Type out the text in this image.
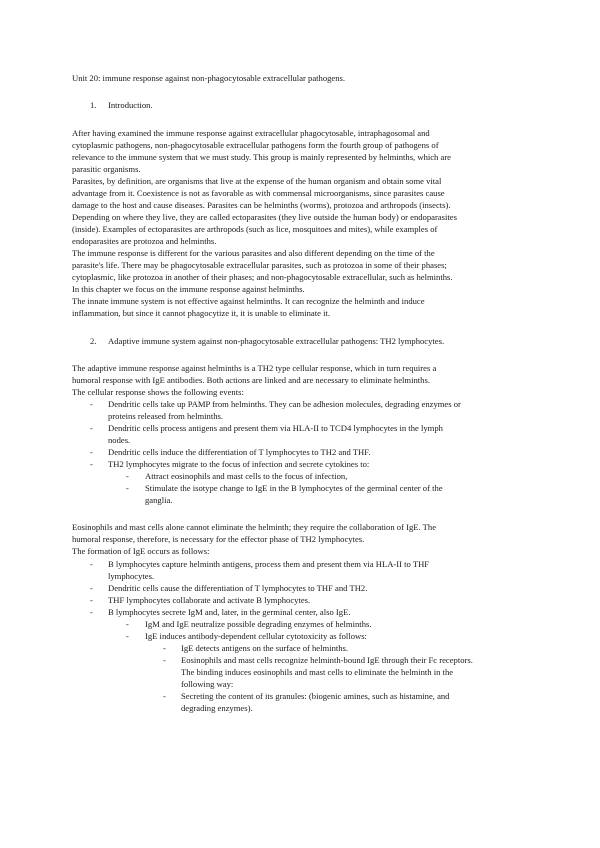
Unit 20: immune response against non-phagocytosable extracellular pathogens.
1. Introduction.
After having examined the immune response against extracellular phagocytosable, intraphagosomal and
cytoplasmic pathogens, non-phagocytosable extracellular pathogens form the fourth group of pathogens of
relevance to the immune system that we must study. This group is mainly represented by helminths, which are
parasitic organisms.
Parasites, by definition, are organisms that live at the expense of the human organism and obtain some vital
advantage from it. Coexistence is not as favorable as with commensal microorganisms, since parasites cause
damage to the host and cause diseases. Parasites can be helminths (worms), protozoa and arthropods (insects).
Depending on where they live, they are called ectoparasites (they live outside the human body) or endoparasites
(inside). Examples of ectoparasites are arthropods (such as lice, mosquitoes and mites), while examples of
endoparasites are protozoa and helminths.
The immune response is different for the various parasites and also different depending on the time of the
parasite's life. There may be phagocytosable extracellular parasites, such as protozoa in some of their phases;
cytoplasmic, like protozoa in another of their phases; and non-phagocytosable extracellular, such as helminths.
In this chapter we focus on the immune response against helminths.
The innate immune system is not effective against helminths. It can recognize the helminth and induce
inflammation, but since it cannot phagocytize it, it is unable to eliminate it.
2. Adaptive immune system against non-phagocytosable extracellular pathogens: TH2 lymphocytes.
The adaptive immune response against helminths is a TH2 type cellular response, which in turn requires a
humoral response with IgE antibodies. Both actions are linked and are necessary to eliminate helminths.
The cellular response shows the following events:
- Dendritic cells take up PAMP from helminths. They can be adhesion molecules, degrading enzymes or
proteins released from helminths.
- Dendritic cells process antigens and present them via HLA-II to TCD4 lymphocytes in the lymph
nodes.
- Dendritic cells induce the differentiation of T lymphocytes to TH2 and THF.
- TH2 lymphocytes migrate to the focus of infection and secrete cytokines to:
- Attract eosinophils and mast cells to the focus of infection,
- Stimulate the isotype change to IgE in the B lymphocytes of the germinal center of the
ganglia.
Eosinophils and mast cells alone cannot eliminate the helminth; they require the collaboration of IgE. The
humoral response, therefore, is necessary for the effector phase of TH2 lymphocytes.
The formation of IgE occurs as follows:
- B lymphocytes capture helminth antigens, process them and present them via HLA-II to THF
lymphocytes.
- Dendritic cells cause the differentiation of T lymphocytes to THF and TH2.
- THF lymphocytes collaborate and activate B lymphocytes.
- B lymphocytes secrete IgM and, later, in the germinal center, also IgE.
- IgM and IgE neutralize possible degrading enzymes of helminths.
- IgE induces antibody-dependent cellular cytotoxicity as follows:
- IgE detects antigens on the surface of helminths.
- Eosinophils and mast cells recognize helminth-bound IgE through their Fc receptors.
The binding induces eosinophils and mast cells to eliminate the helminth in the
following way:
- Secreting the content of its granules: (biogenic amines, such as histamine, and
degrading enzymes).
